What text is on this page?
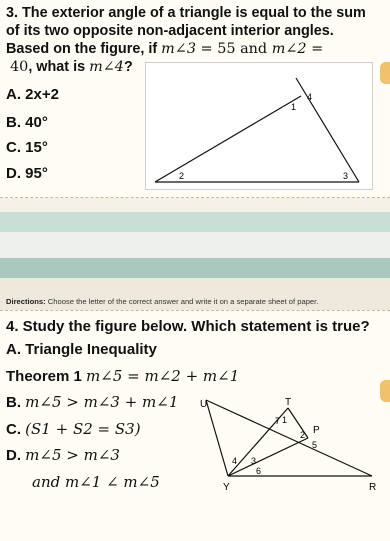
3. The exterior angle of a triangle is equal to the sum
of its two opposite non-adjacent interior angles.
Based on the figure, if m∠3 = 55 and m∠2 =
40, what is m∠4?
A. 2x+2
B. 40°
C. 15°
D. 95°
1
4
2	3
Directions: Choose the letter of the correct answer and write it on a separate sheet of paper.
4. Study the figure below. Which statement is true?
A. Triangle Inequality
Theorem 1 m∠5 = m∠2 + m∠1
B. m∠5 > m∠3 + m∠1
C. (S1 + S2 = S3)
D. m∠5 > m∠3
and m∠1 ∠ m∠5
U	T
P
Y	R
7 1
2
5
4 3
6
